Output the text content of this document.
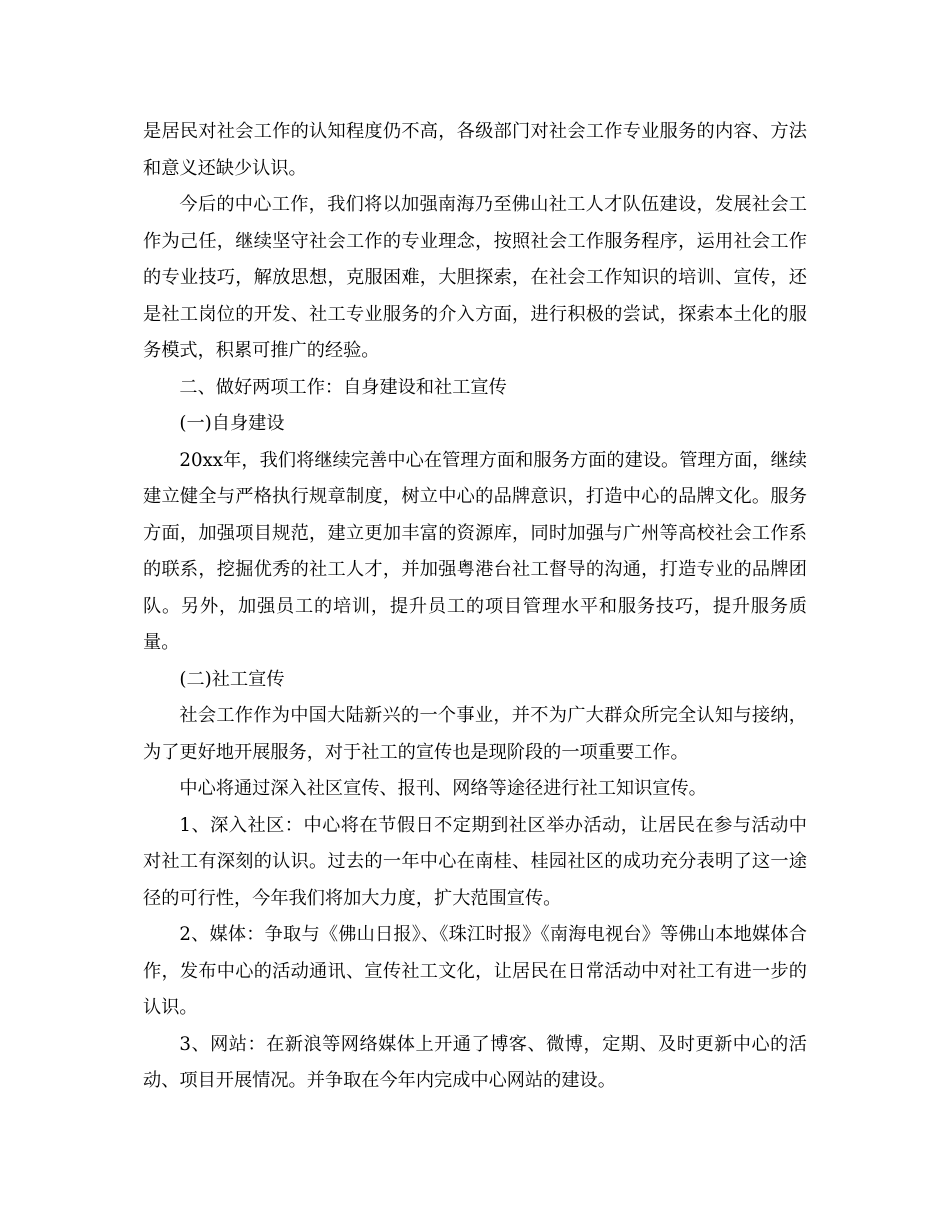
是居民对社会工作的认知程度仍不高，各级部门对社会工作专业服务的内容、方法和意义还缺少认识。

今后的中心工作，我们将以加强南海乃至佛山社工人才队伍建设，发展社会工作为己任，继续坚守社会工作的专业理念，按照社会工作服务程序，运用社会工作的专业技巧，解放思想，克服困难，大胆探索，在社会工作知识的培训、宣传，还是社工岗位的开发、社工专业服务的介入方面，进行积极的尝试，探索本土化的服务模式，积累可推广的经验。

二、做好两项工作：自身建设和社工宣传

(一)自身建设

20xx年，我们将继续完善中心在管理方面和服务方面的建设。管理方面，继续建立健全与严格执行规章制度，树立中心的品牌意识，打造中心的品牌文化。服务方面，加强项目规范，建立更加丰富的资源库，同时加强与广州等高校社会工作系的联系，挖掘优秀的社工人才，并加强粤港台社工督导的沟通，打造专业的品牌团队。另外，加强员工的培训，提升员工的项目管理水平和服务技巧，提升服务质量。

(二)社工宣传

社会工作作为中国大陆新兴的一个事业，并不为广大群众所完全认知与接纳，为了更好地开展服务，对于社工的宣传也是现阶段的一项重要工作。

中心将通过深入社区宣传、报刊、网络等途径进行社工知识宣传。

1、深入社区：中心将在节假日不定期到社区举办活动，让居民在参与活动中对社工有深刻的认识。过去的一年中心在南桂、桂园社区的成功充分表明了这一途径的可行性，今年我们将加大力度，扩大范围宣传。

2、媒体：争取与《佛山日报》、《珠江时报》《南海电视台》等佛山本地媒体合作，发布中心的活动通讯、宣传社工文化，让居民在日常活动中对社工有进一步的认识。

3、网站：在新浪等网络媒体上开通了博客、微博，定期、及时更新中心的活动、项目开展情况。并争取在今年内完成中心网站的建设。
